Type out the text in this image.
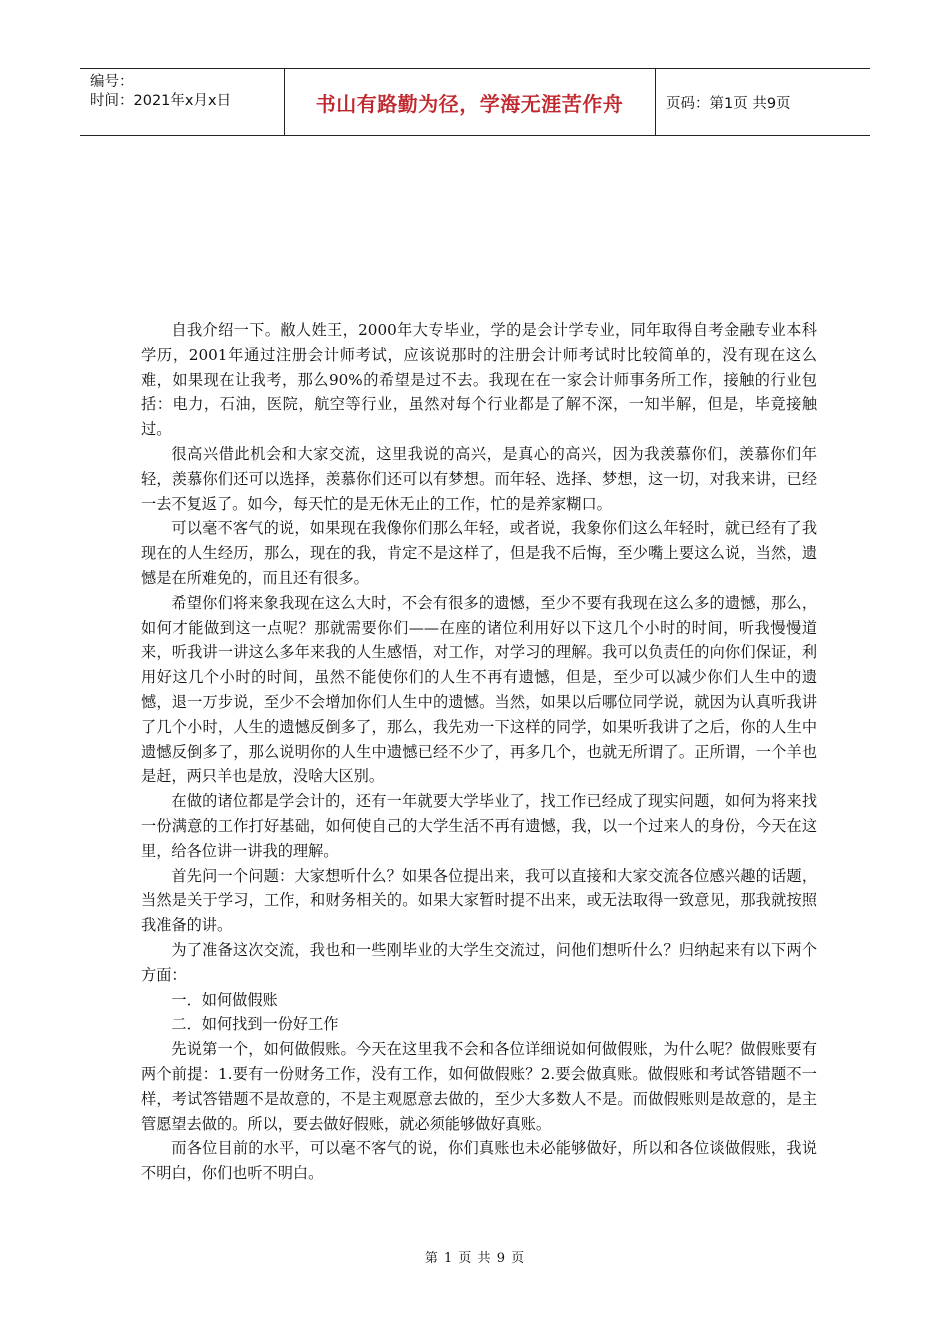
编号：
时间：2021年x月x日	书山有路勤为径，学海无涯苦作舟	页码：第1页 共9页

自我介绍一下。敝人姓王，2000年大专毕业，学的是会计学专业，同年取得自考金融专业本科学历，2001年通过注册会计师考试，应该说那时的注册会计师考试时比较简单的，没有现在这么难，如果现在让我考，那么90%的希望是过不去。我现在在一家会计师事务所工作，接触的行业包括：电力，石油，医院，航空等行业，虽然对每个行业都是了解不深，一知半解，但是，毕竟接触过。

很高兴借此机会和大家交流，这里我说的高兴，是真心的高兴，因为我羡慕你们，羡慕你们年轻，羡慕你们还可以选择，羡慕你们还可以有梦想。而年轻、选择、梦想，这一切，对我来讲，已经一去不复返了。如今，每天忙的是无休无止的工作，忙的是养家糊口。

可以毫不客气的说，如果现在我像你们那么年轻，或者说，我象你们这么年轻时，就已经有了我现在的人生经历，那么，现在的我，肯定不是这样了，但是我不后悔，至少嘴上要这么说，当然，遗憾是在所难免的，而且还有很多。

希望你们将来象我现在这么大时，不会有很多的遗憾，至少不要有我现在这么多的遗憾，那么，如何才能做到这一点呢？那就需要你们——在座的诸位利用好以下这几个小时的时间，听我慢慢道来，听我讲一讲这么多年来我的人生感悟，对工作，对学习的理解。我可以负责任的向你们保证，利用好这几个小时的时间，虽然不能使你们的人生不再有遗憾，但是，至少可以减少你们人生中的遗憾，退一万步说，至少不会增加你们人生中的遗憾。当然，如果以后哪位同学说，就因为认真听我讲了几个小时，人生的遗憾反倒多了，那么，我先劝一下这样的同学，如果听我讲了之后，你的人生中遗憾反倒多了，那么说明你的人生中遗憾已经不少了，再多几个，也就无所谓了。正所谓，一个羊也是赶，两只羊也是放，没啥大区别。

在做的诸位都是学会计的，还有一年就要大学毕业了，找工作已经成了现实问题，如何为将来找一份满意的工作打好基础，如何使自己的大学生活不再有遗憾，我，以一个过来人的身份，今天在这里，给各位讲一讲我的理解。

首先问一个问题：大家想听什么？如果各位提出来，我可以直接和大家交流各位感兴趣的话题，当然是关于学习，工作，和财务相关的。如果大家暂时提不出来，或无法取得一致意见，那我就按照我准备的讲。

为了准备这次交流，我也和一些刚毕业的大学生交流过，问他们想听什么？归纳起来有以下两个方面：

一．如何做假账

二．如何找到一份好工作

先说第一个，如何做假账。今天在这里我不会和各位详细说如何做假账，为什么呢？做假账要有两个前提：1.要有一份财务工作，没有工作，如何做假账？2.要会做真账。做假账和考试答错题不一样，考试答错题不是故意的，不是主观愿意去做的，至少大多数人不是。而做假账则是故意的，是主管愿望去做的。所以，要去做好假账，就必须能够做好真账。

而各位目前的水平，可以毫不客气的说，你们真账也未必能够做好，所以和各位谈做假账，我说不明白，你们也听不明白。

第 1 页 共 9 页
